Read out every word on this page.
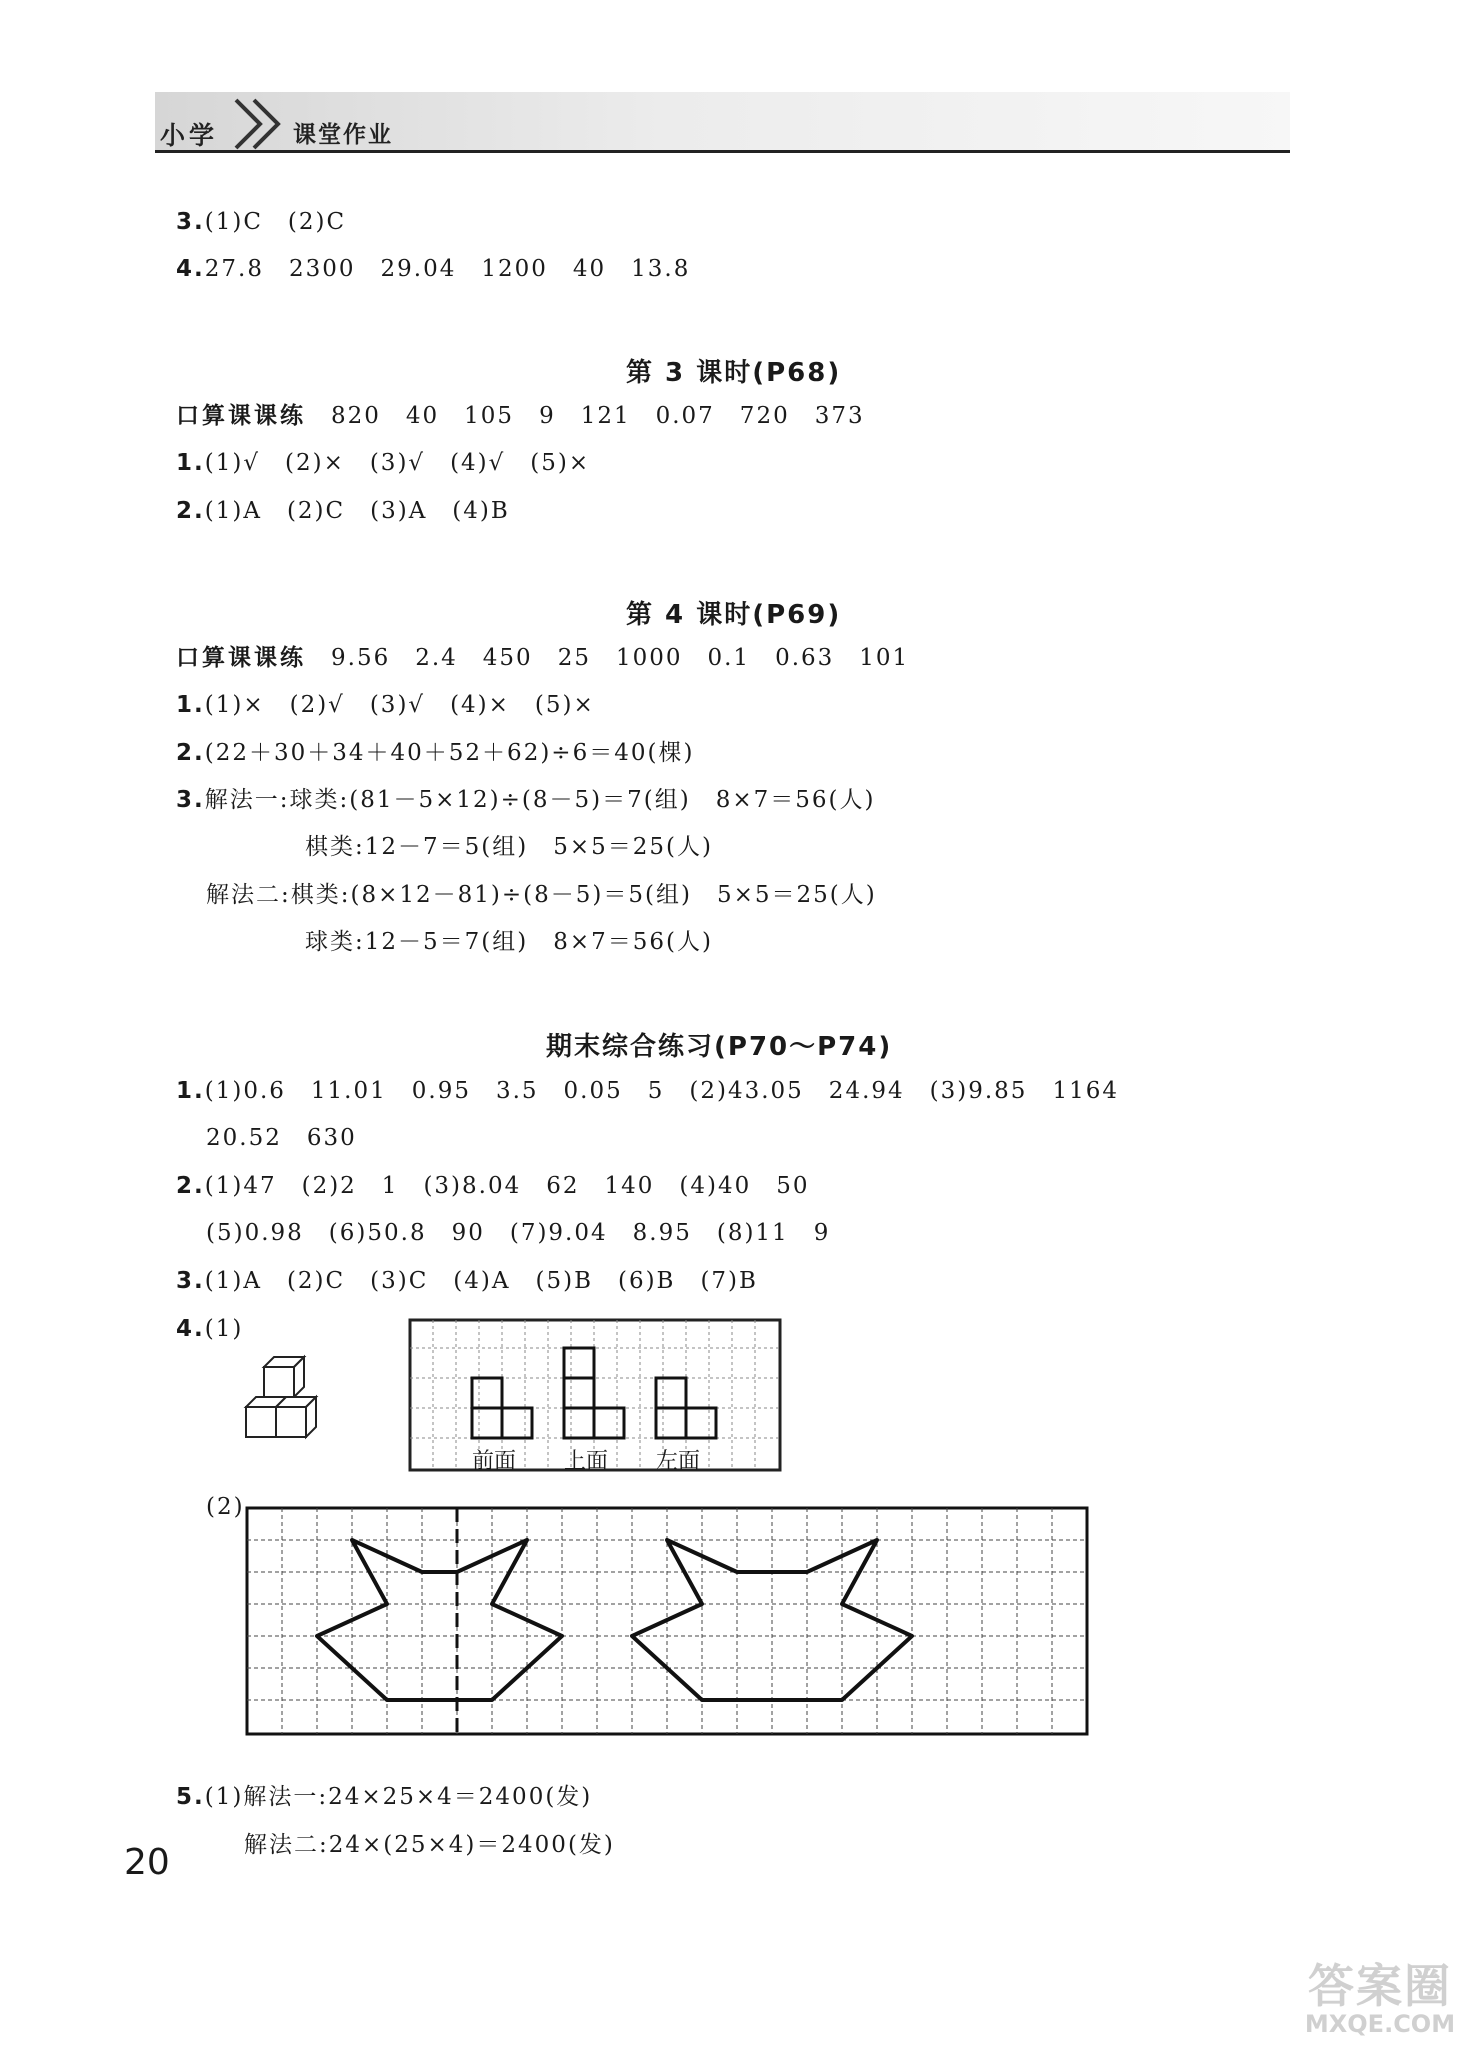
小学	课堂作业
3.(1)C　(2)C
4.27.8　2300　29.04　1200　40　13.8
第 3 课时(P68)
口算课课练　 820　40　105　9　121　0.07　720　373
1.(1)√　(2)×　(3)√　(4)√　(5)×
2.(1)A　(2)C　(3)A　(4)B
第 4 课时(P69)
口算课课练　 9.56　2.4　450　25　1000　0.1　0.63　101
1.(1)×　(2)√　(3)√　(4)×　(5)×
2.(22＋30＋34＋40＋52＋62)÷6＝40(棵)
3.解法一:球类:(81－5×12)÷(8－5)＝7(组)　8×7＝56(人)
棋类:12－7＝5(组)　5×5＝25(人)
解法二:棋类:(8×12－81)÷(8－5)＝5(组)　5×5＝25(人)
球类:12－5＝7(组)　8×7＝56(人)
期末综合练习(P70～P74)
1.(1)0.6　11.01　0.95　3.5　0.05　5　(2)43.05　24.94　(3)9.85　1164
20.52　630
2.(1)47　(2)2　1　(3)8.04　62　140　(4)40　50
(5)0.98　(6)50.8　90　(7)9.04　8.95　(8)11　9
3.(1)A　(2)C　(3)C　(4)A　(5)B　(6)B　(7)B
4.(1)
前面 上面 左面
(2)
5.(1)解法一:24×25×4＝2400(发)
解法二:24×(25×4)＝2400(发)
20
答案圈
MXQE.COM
